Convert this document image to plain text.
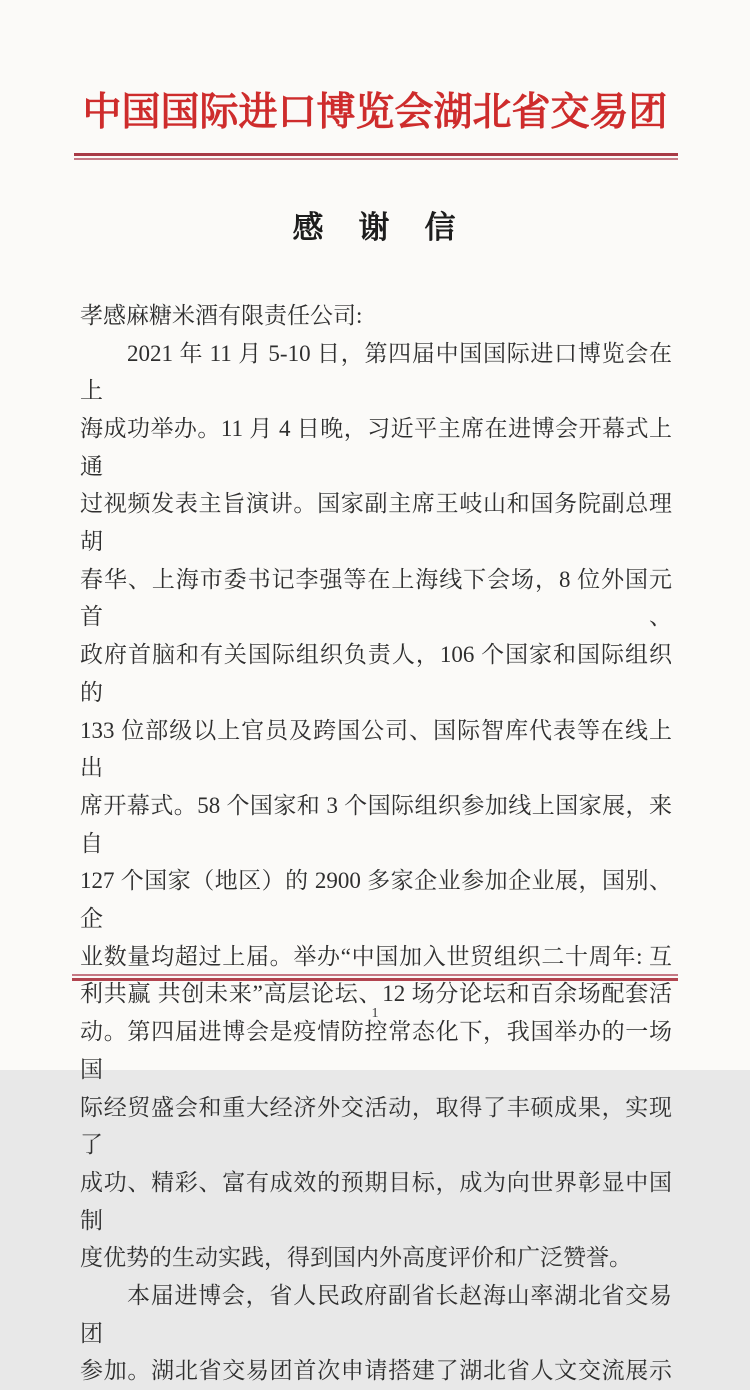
中国国际进口博览会湖北省交易团
感　谢　信
孝感麻糖米酒有限责任公司:
2021 年 11 月 5-10 日，第四届中国国际进口博览会在上
海成功举办。11 月 4 日晚，习近平主席在进博会开幕式上通
过视频发表主旨演讲。国家副主席王岐山和国务院副总理胡
春华、上海市委书记李强等在上海线下会场，8 位外国元首、
政府首脑和有关国际组织负责人，106 个国家和国际组织的
133 位部级以上官员及跨国公司、国际智库代表等在线上出
席开幕式。58 个国家和 3 个国际组织参加线上国家展，来自
127 个国家（地区）的 2900 多家企业参加企业展，国别、企
业数量均超过上届。举办“中国加入世贸组织二十周年: 互
利共赢 共创未来”高层论坛、12 场分论坛和百余场配套活
动。第四届进博会是疫情防控常态化下，我国举办的一场国
际经贸盛会和重大经济外交活动，取得了丰硕成果，实现了
成功、精彩、富有成效的预期目标，成为向世界彰显中国制
度优势的生动实践，得到国内外高度评价和广泛赞誉。
本届进博会，省人民政府副省长赵海山率湖北省交易团
参加。湖北省交易团首次申请搭建了湖北省人文交流展示
1
